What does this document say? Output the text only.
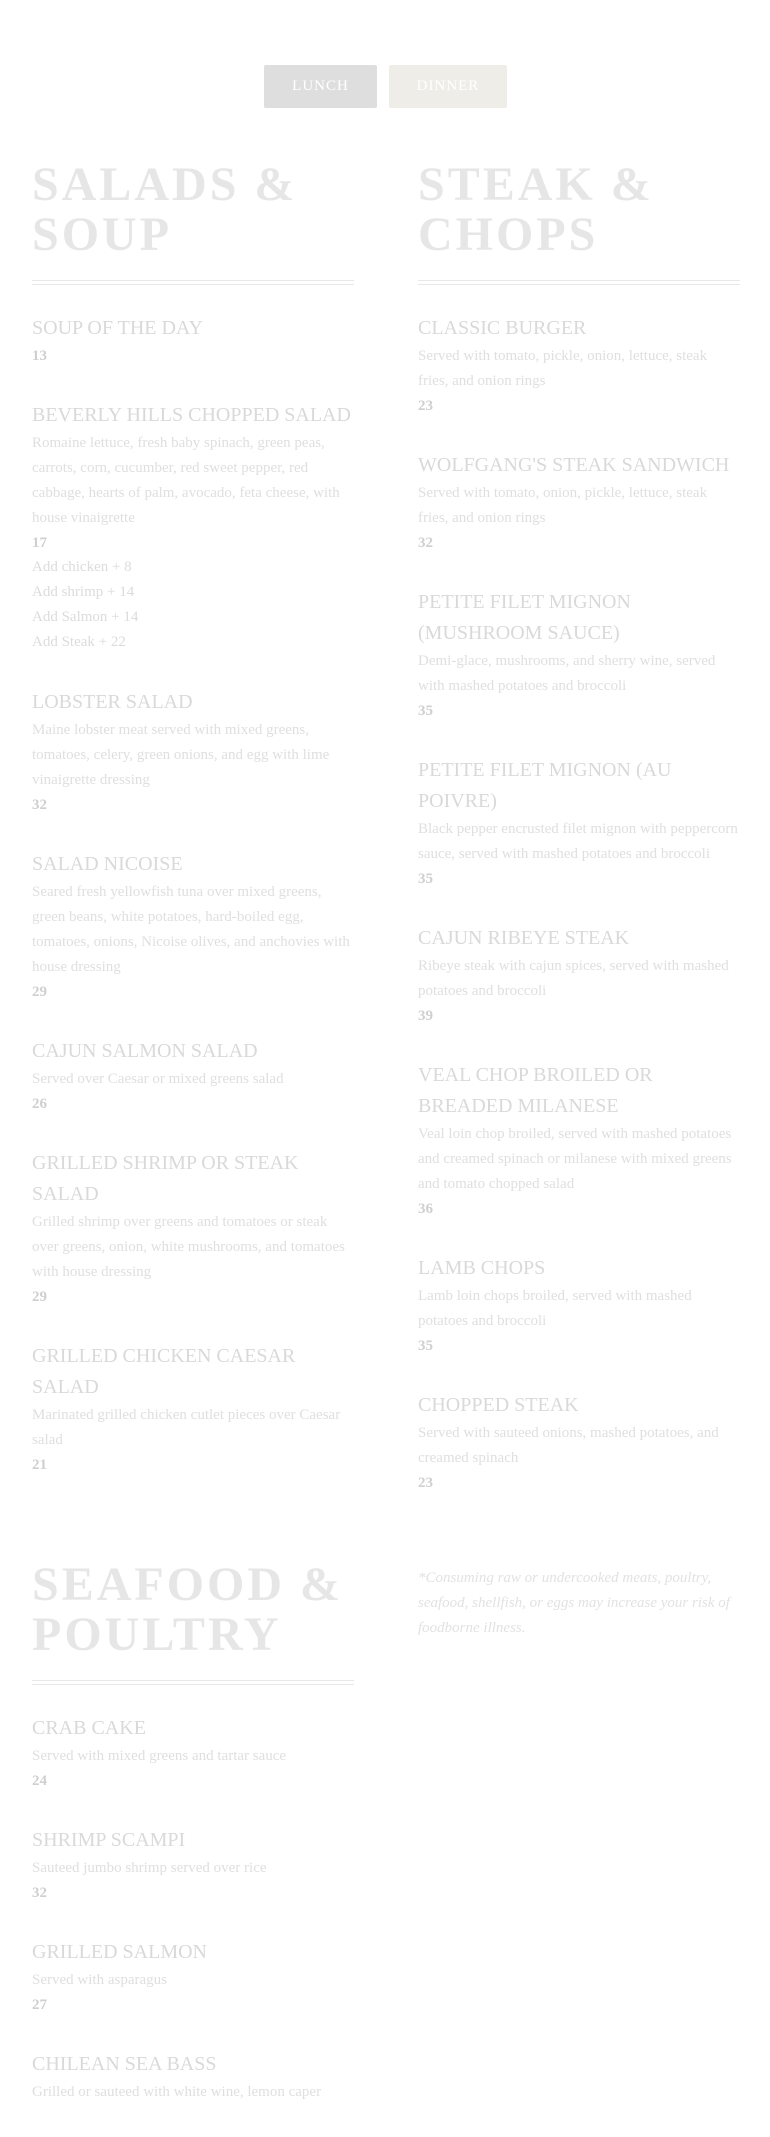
LUNCH	DINNER
SALADS &
SOUP
SOUP OF THE DAY
13
BEVERLY HILLS CHOPPED SALAD
Romaine lettuce, fresh baby spinach, green peas, carrots, corn, cucumber, red sweet pepper, red cabbage, hearts of palm, avocado, feta cheese, with house vinaigrette
17
Add chicken + 8
Add shrimp + 14
Add Salmon + 14
Add Steak + 22
LOBSTER SALAD
Maine lobster meat served with mixed greens, tomatoes, celery, green onions, and egg with lime vinaigrette dressing
32
SALAD NICOISE
Seared fresh yellowfish tuna over mixed greens, green beans, white potatoes, hard-boiled egg, tomatoes, onions, Nicoise olives, and anchovies with house dressing
29
CAJUN SALMON SALAD
Served over Caesar or mixed greens salad
26
GRILLED SHRIMP OR STEAK SALAD
Grilled shrimp over greens and tomatoes or steak over greens, onion, white mushrooms, and tomatoes with house dressing
29
GRILLED CHICKEN CAESAR SALAD
Marinated grilled chicken cutlet pieces over Caesar salad
21
STEAK &
CHOPS
CLASSIC BURGER
Served with tomato, pickle, onion, lettuce, steak fries, and onion rings
23
WOLFGANG'S STEAK SANDWICH
Served with tomato, onion, pickle, lettuce, steak fries, and onion rings
32
PETITE FILET MIGNON (MUSHROOM SAUCE)
Demi-glace, mushrooms, and sherry wine, served with mashed potatoes and broccoli
35
PETITE FILET MIGNON (AU POIVRE)
Black pepper encrusted filet mignon with peppercorn sauce, served with mashed potatoes and broccoli
35
CAJUN RIBEYE STEAK
Ribeye steak with cajun spices, served with mashed potatoes and broccoli
39
VEAL CHOP BROILED OR BREADED MILANESE
Veal loin chop broiled, served with mashed potatoes and creamed spinach or milanese with mixed greens and tomato chopped salad
36
LAMB CHOPS
Lamb loin chops broiled, served with mashed potatoes and broccoli
35
CHOPPED STEAK
Served with sauteed onions, mashed potatoes, and creamed spinach
23
SEAFOOD &
POULTRY
CRAB CAKE
Served with mixed greens and tartar sauce
24
SHRIMP SCAMPI
Sauteed jumbo shrimp served over rice
32
GRILLED SALMON
Served with asparagus
27
CHILEAN SEA BASS
Grilled or sauteed with white wine, lemon caper
*Consuming raw or undercooked meats, poultry, seafood, shellfish, or eggs may increase your risk of foodborne illness.
